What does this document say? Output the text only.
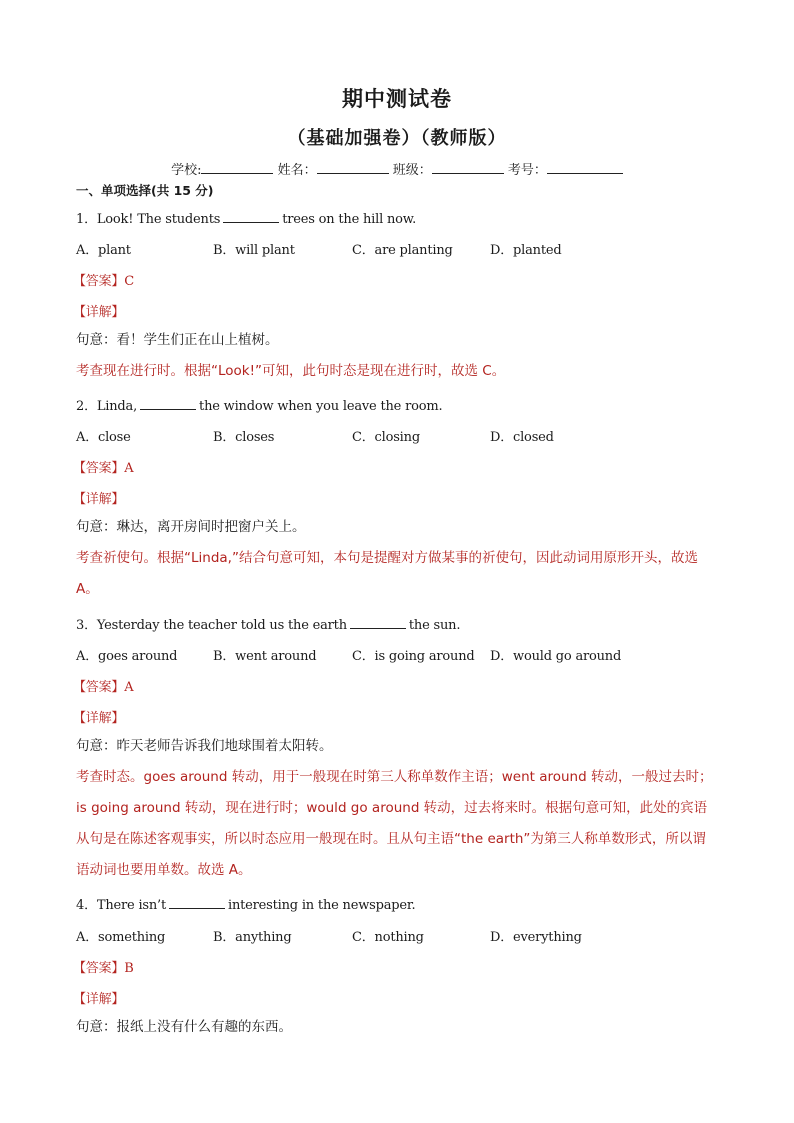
期中测试卷
（基础加强卷）（教师版）
学校:	姓名：	班级：	考号：
一、单项选择(共 15 分)
1．Look! The students	trees on the hill now.
A．plant	B．will plant	C．are planting	D．planted
【答案】C
【详解】
句意：看！学生们正在山上植树。
考查现在进行时。根据“Look!”可知，此句时态是现在进行时，故选 C。
2．Linda,	the window when you leave the room.
A．close	B．closes	C．closing	D．closed
【答案】A
【详解】
句意：琳达，离开房间时把窗户关上。
考查祈使句。根据“Linda,”结合句意可知，本句是提醒对方做某事的祈使句，因此动词用原形开头，故选 A。
3．Yesterday the teacher told us the earth	the sun.
A．goes around	B．went around	C．is going around D．would go around
【答案】A
【详解】
句意：昨天老师告诉我们地球围着太阳转。
考查时态。goes around 转动，用于一般现在时第三人称单数作主语；went around 转动，一般过去时；is going around 转动，现在进行时；would go around 转动，过去将来时。根据句意可知，此处的宾语从句是在陈述客观事实，所以时态应用一般现在时。且从句主语“the earth”为第三人称单数形式，所以谓语动词也要用单数。故选 A。
4．There isn’t	interesting in the newspaper.
A．something	B．anything	C．nothing	D．everything
【答案】B
【详解】
句意：报纸上没有什么有趣的东西。
